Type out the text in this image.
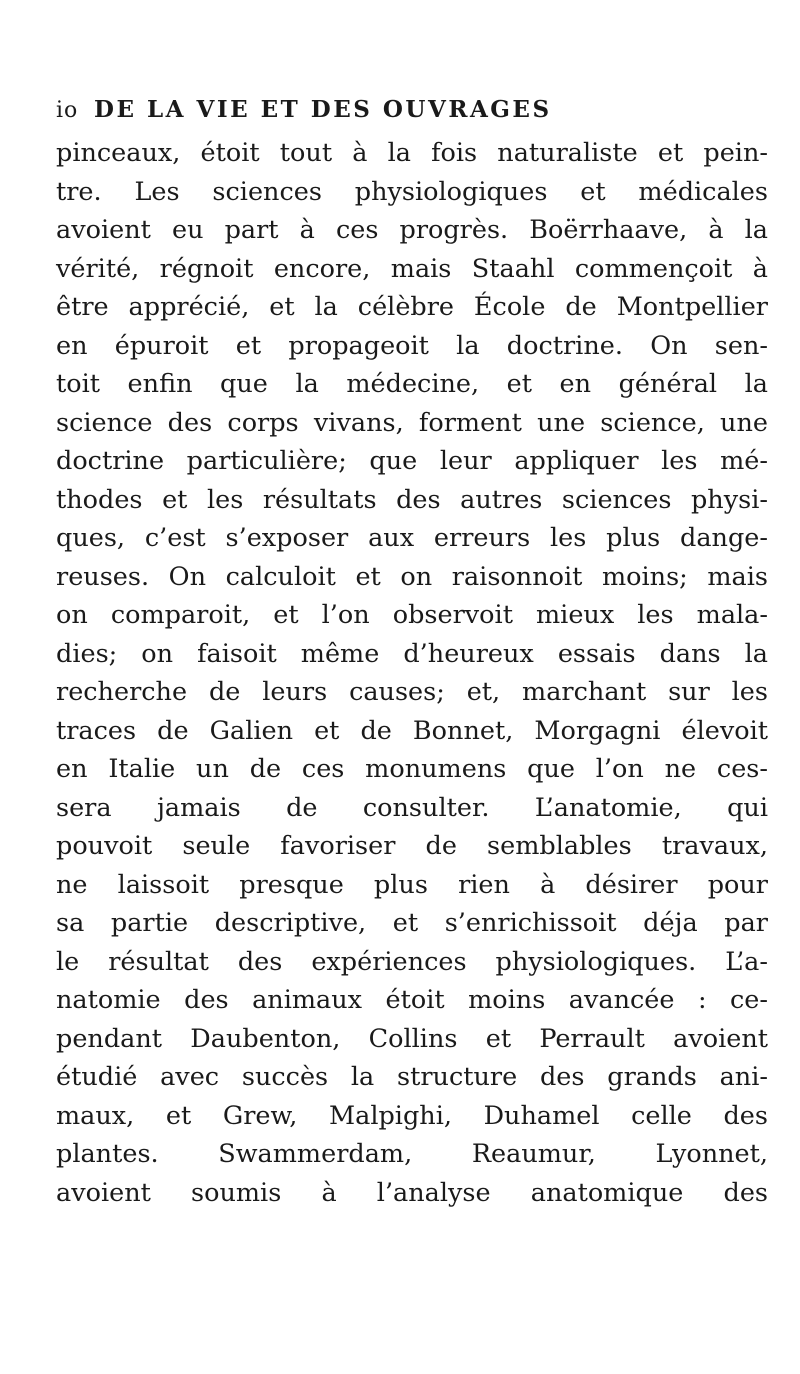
io DE LA VIE ET DES OUVRAGES
pinceaux, étoit tout à la fois naturaliste et pein-
tre. Les sciences physiologiques et médicales
avoient eu part à ces progrès. Boërrhaave, à la
vérité, régnoit encore, mais Staahl commençoit à
être apprécié, et la célèbre École de Montpellier
en épuroit et propageoit la doctrine. On sen-
toit enfin que la médecine, et en général la
science des corps vivans, forment une science, une
doctrine particulière; que leur appliquer les mé-
thodes et les résultats des autres sciences physi-
ques, c’est s’exposer aux erreurs les plus dange-
reuses. On calculoit et on raisonnoit moins; mais
on comparoit, et l’on observoit mieux les mala-
dies; on faisoit même d’heureux essais dans la
recherche de leurs causes; et, marchant sur les
traces de Galien et de Bonnet, Morgagni élevoit
en Italie un de ces monumens que l’on ne ces-
sera jamais de consulter. L’anatomie, qui
pouvoit seule favoriser de semblables travaux,
ne laissoit presque plus rien à désirer pour
sa partie descriptive, et s’enrichissoit déja par
le résultat des expériences physiologiques. L’a-
natomie des animaux étoit moins avancée : ce-
pendant Daubenton, Collins et Perrault avoient
étudié avec succès la structure des grands ani-
maux, et Grew, Malpighi, Duhamel celle des
plantes. Swammerdam, Reaumur, Lyonnet,
avoient soumis à l’analyse anatomique des
